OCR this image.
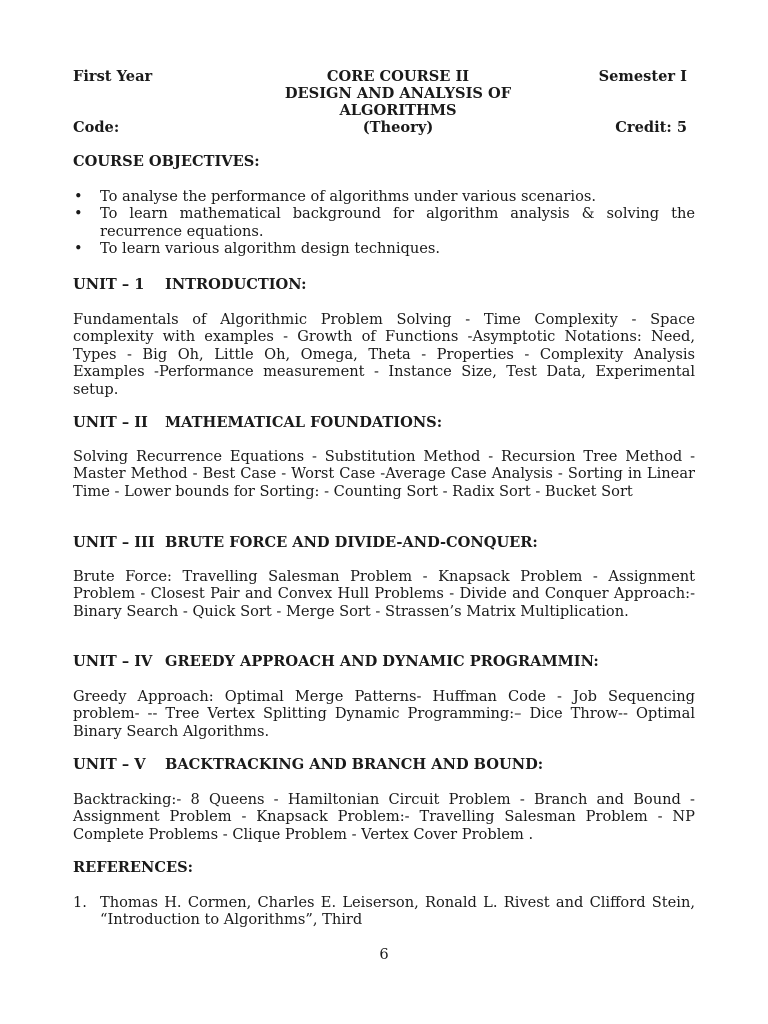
First Year	CORE COURSE II	Semester I
DESIGN AND ANALYSIS OF
ALGORITHMS
Code:	(Theory)	Credit: 5
COURSE OBJECTIVES:
• To analyse the performance of algorithms under various scenarios.
• To learn mathematical background for algorithm analysis & solving the recurrence equations.
• To learn various algorithm design techniques.
UNIT – 1 INTRODUCTION:

Fundamentals of Algorithmic Problem Solving - Time Complexity - Space complexity with examples - Growth of Functions -Asymptotic Notations: Need, Types - Big Oh, Little Oh, Omega, Theta - Properties - Complexity Analysis Examples -Performance measurement - Instance Size, Test Data, Experimental setup.

UNIT – II MATHEMATICAL FOUNDATIONS:

Solving Recurrence Equations - Substitution Method - Recursion Tree Method - Master Method - Best Case - Worst Case -Average Case Analysis - Sorting in Linear Time - Lower bounds for Sorting: - Counting Sort - Radix Sort - Bucket Sort

UNIT – III BRUTE FORCE AND DIVIDE-AND-CONQUER:

Brute Force: Travelling Salesman Problem - Knapsack Problem - Assignment Problem - Closest Pair and Convex Hull Problems - Divide and Conquer Approach:- Binary Search - Quick Sort - Merge Sort - Strassen’s Matrix Multiplication.

UNIT – IV GREEDY APPROACH AND DYNAMIC PROGRAMMIN:

Greedy Approach: Optimal Merge Patterns- Huffman Code - Job Sequencing problem- -- Tree Vertex Splitting Dynamic Programming:– Dice Throw-- Optimal Binary Search Algorithms.

UNIT – V BACKTRACKING AND BRANCH AND BOUND:

Backtracking:- 8 Queens - Hamiltonian Circuit Problem - Branch and Bound - Assignment Problem - Knapsack Problem:- Travelling Salesman Problem - NP Complete Problems - Clique Problem - Vertex Cover Problem .

REFERENCES:
1. Thomas H. Cormen, Charles E. Leiserson, Ronald L. Rivest and Clifford Stein, “Introduction to Algorithms”, Third
6
